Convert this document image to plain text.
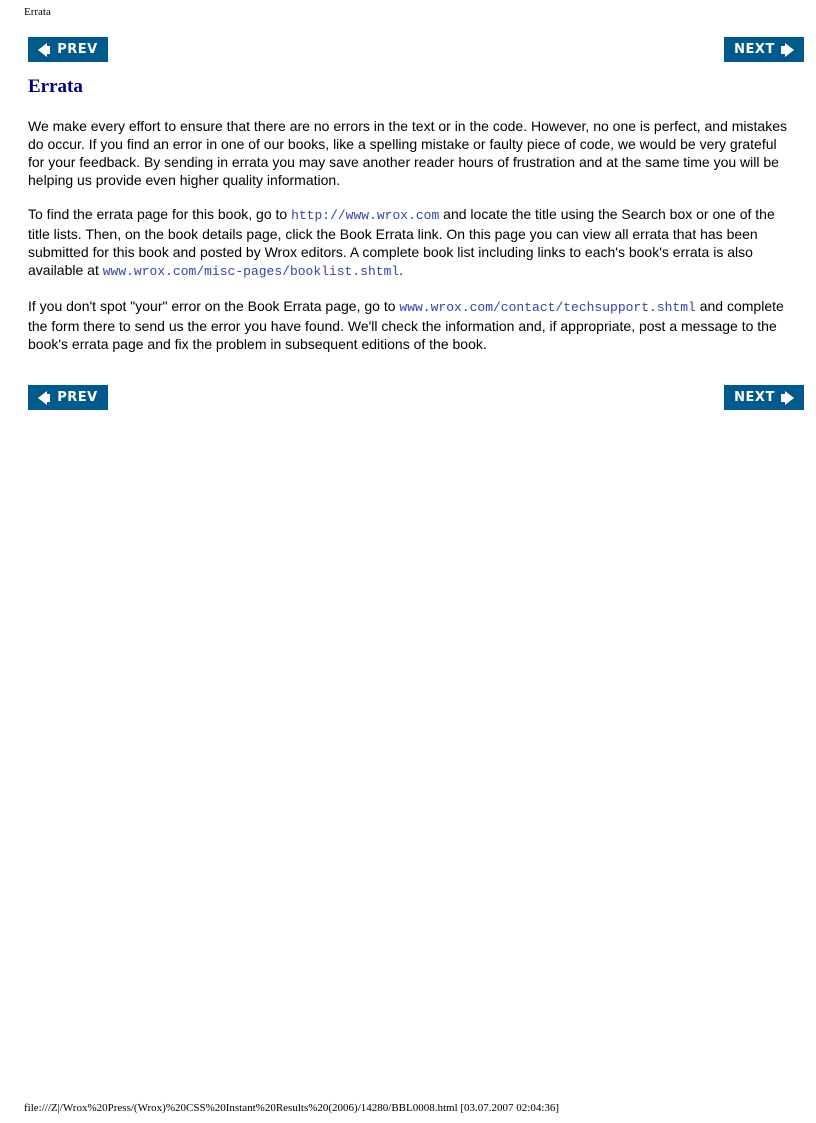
Errata
PREV	NEXT
Errata

We make every effort to ensure that there are no errors in the text or in the code. However, no one is perfect, and mistakes do occur. If you find an error in one of our books, like a spelling mistake or faulty piece of code, we would be very grateful for your feedback. By sending in errata you may save another reader hours of frustration and at the same time you will be helping us provide even higher quality information.

To find the errata page for this book, go to http://www.wrox.com and locate the title using the Search box or one of the title lists. Then, on the book details page, click the Book Errata link. On this page you can view all errata that has been submitted for this book and posted by Wrox editors. A complete book list including links to each's book's errata is also available at www.wrox.com/misc-pages/booklist.shtml.

If you don't spot "your" error on the Book Errata page, go to www.wrox.com/contact/techsupport.shtml and complete the form there to send us the error you have found. We'll check the information and, if appropriate, post a message to the book's errata page and fix the problem in subsequent editions of the book.

PREV	NEXT
file:///Z|/Wrox%20Press/(Wrox)%20CSS%20Instant%20Results%20(2006)/14280/BBL0008.html [03.07.2007 02:04:36]
